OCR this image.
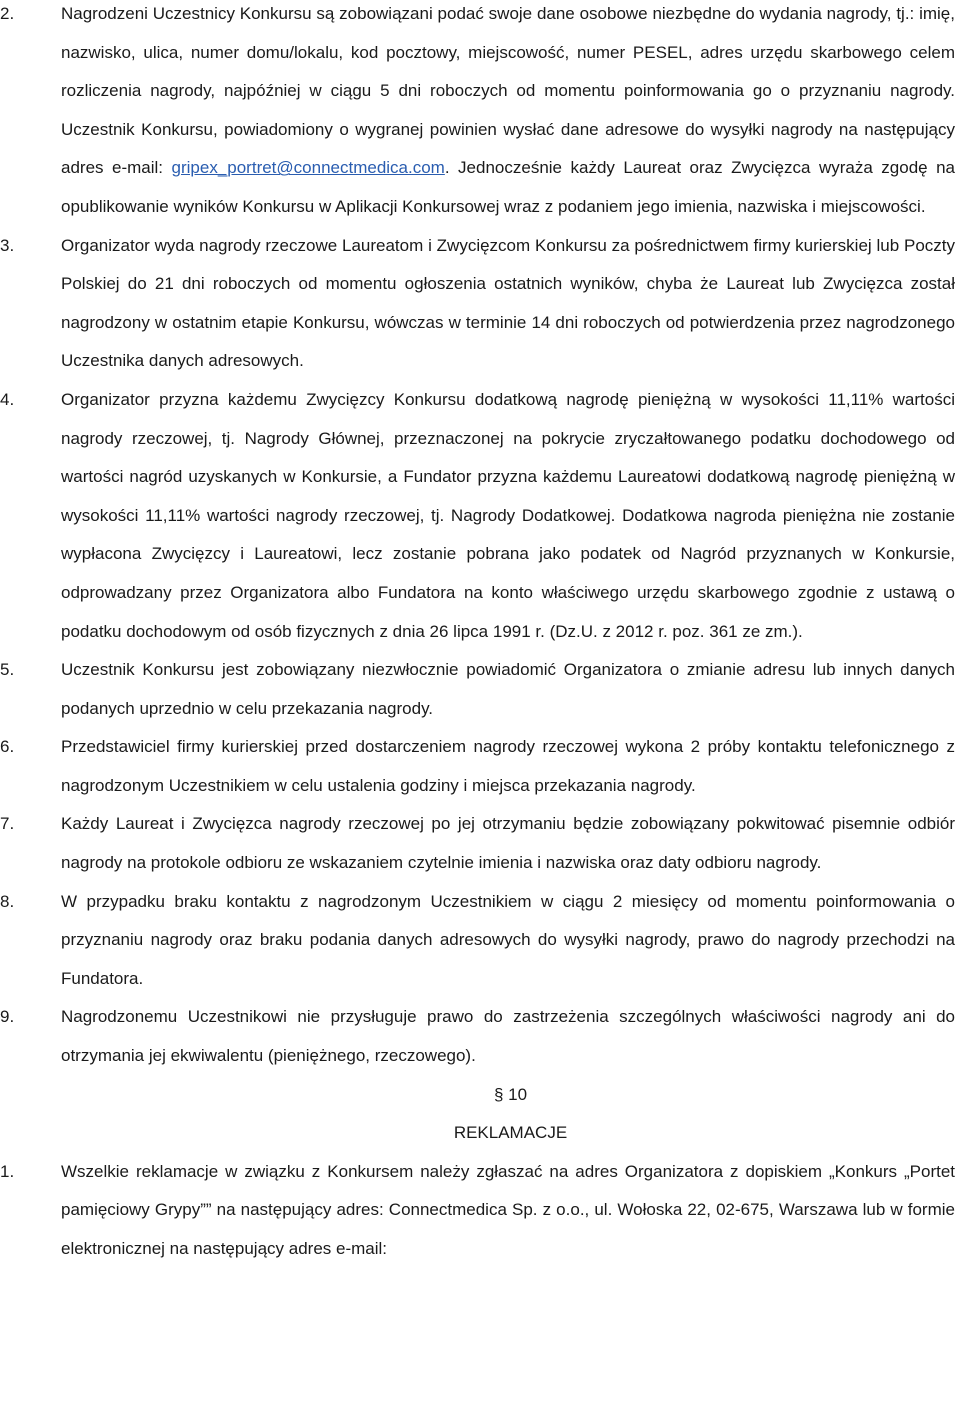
2.	Nagrodzeni Uczestnicy Konkursu są zobowiązani podać swoje dane osobowe niezbędne do wydania nagrody, tj.: imię, nazwisko, ulica, numer domu/lokalu, kod pocztowy, miejscowość, numer PESEL, adres urzędu skarbowego celem rozliczenia nagrody, najpóźniej w ciągu 5 dni roboczych od momentu poinformowania go o przyznaniu nagrody. Uczestnik Konkursu, powiadomiony o wygranej powinien wysłać dane adresowe do wysyłki nagrody na następujący adres e-mail: gripex_portret@connectmedica.com. Jednocześnie każdy Laureat oraz Zwycięzca wyraża zgodę na opublikowanie wyników Konkursu w Aplikacji Konkursowej wraz z podaniem jego imienia, nazwiska i miejscowości.
3.	Organizator wyda nagrody rzeczowe Laureatom i Zwycięzcom Konkursu za pośrednictwem firmy kurierskiej lub Poczty Polskiej do 21 dni roboczych od momentu ogłoszenia ostatnich wyników, chyba że Laureat lub Zwycięzca został nagrodzony w ostatnim etapie Konkursu, wówczas w terminie 14 dni roboczych od potwierdzenia przez nagrodzonego Uczestnika danych adresowych.
4.	Organizator przyzna każdemu Zwycięzcy Konkursu dodatkową nagrodę pieniężną w wysokości 11,11% wartości nagrody rzeczowej, tj. Nagrody Głównej, przeznaczonej na pokrycie zryczałtowanego podatku dochodowego od wartości nagród uzyskanych w Konkursie, a Fundator przyzna każdemu Laureatowi dodatkową nagrodę pieniężną w wysokości 11,11% wartości nagrody rzeczowej, tj. Nagrody Dodatkowej. Dodatkowa nagroda pieniężna nie zostanie wypłacona Zwycięzcy i Laureatowi, lecz zostanie pobrana jako podatek od Nagród przyznanych w Konkursie, odprowadzany przez Organizatora albo Fundatora na konto właściwego urzędu skarbowego zgodnie z ustawą o podatku dochodowym od osób fizycznych z dnia 26 lipca 1991 r. (Dz.U. z 2012 r. poz. 361 ze zm.).
5.	Uczestnik Konkursu jest zobowiązany niezwłocznie powiadomić Organizatora o zmianie adresu lub innych danych podanych uprzednio w celu przekazania nagrody.
6.	Przedstawiciel firmy kurierskiej przed dostarczeniem nagrody rzeczowej wykona 2 próby kontaktu telefonicznego z nagrodzonym Uczestnikiem w celu ustalenia godziny i miejsca przekazania nagrody.
7.	Każdy Laureat i Zwycięzca nagrody rzeczowej po jej otrzymaniu będzie zobowiązany pokwitować pisemnie odbiór nagrody na protokole odbioru ze wskazaniem czytelnie imienia i nazwiska oraz daty odbioru nagrody.
8.	W przypadku braku kontaktu z nagrodzonym Uczestnikiem w ciągu 2 miesięcy od momentu poinformowania o przyznaniu nagrody oraz braku podania danych adresowych do wysyłki nagrody, prawo do nagrody przechodzi na Fundatora.
9.	Nagrodzonemu Uczestnikowi nie przysługuje prawo do zastrzeżenia szczególnych właściwości nagrody ani do otrzymania jej ekwiwalentu (pieniężnego, rzeczowego).
§ 10
REKLAMACJE
1.	Wszelkie reklamacje w związku z Konkursem należy zgłaszać na adres Organizatora z dopiskiem „Konkurs „Portet pamięciowy Grypy”” na następujący adres: Connectmedica Sp. z o.o., ul. Wołoska 22, 02-675, Warszawa lub w formie elektronicznej na następujący adres e-mail:
